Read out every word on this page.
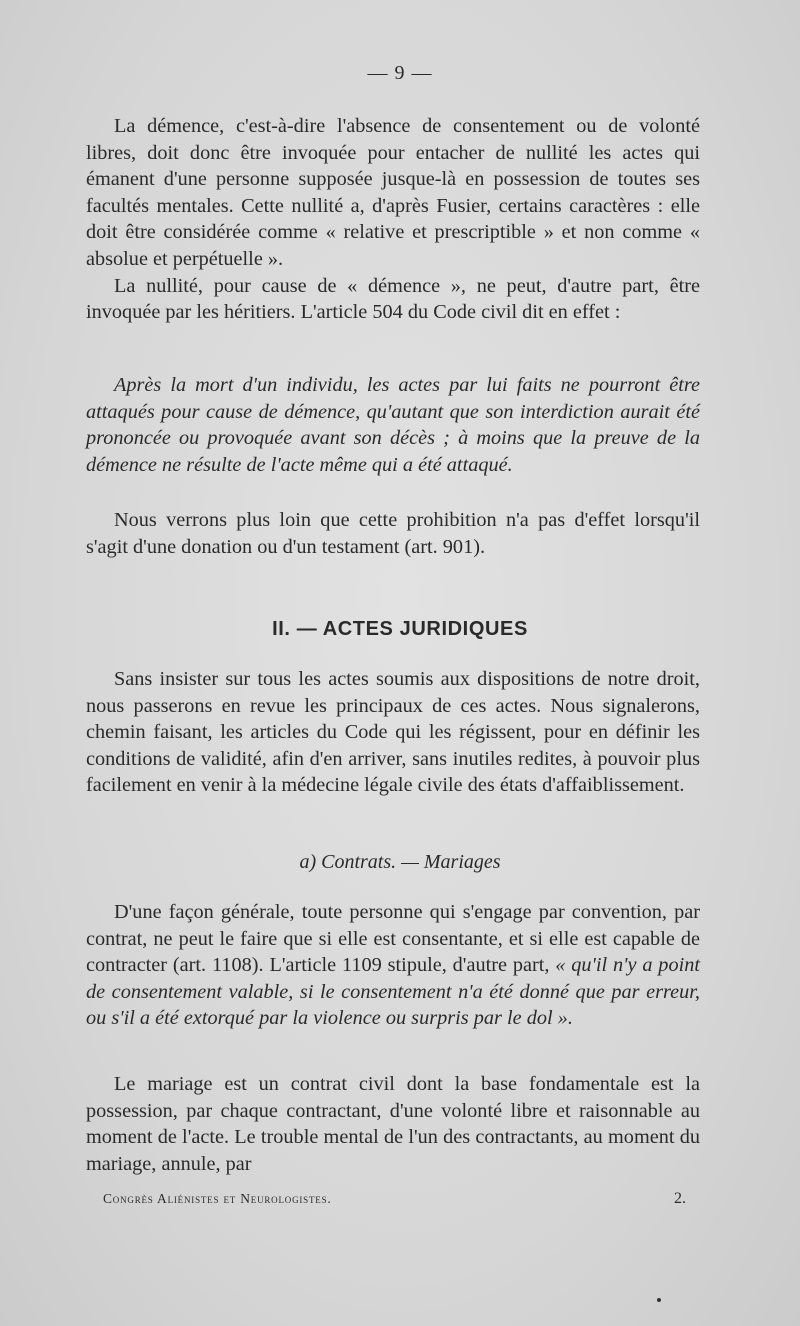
— 9 —

La démence, c'est-à-dire l'absence de consentement ou de volonté libres, doit donc être invoquée pour entacher de nullité les actes qui émanent d'une personne supposée jusque-là en possession de toutes ses facultés mentales. Cette nullité a, d'après Fusier, certains caractères : elle doit être considérée comme « relative et prescriptible » et non comme « absolue et perpétuelle ».

La nullité, pour cause de « démence », ne peut, d'autre part, être invoquée par les héritiers. L'article 504 du Code civil dit en effet :

Après la mort d'un individu, les actes par lui faits ne pourront être attaqués pour cause de démence, qu'autant que son interdiction aurait été prononcée ou provoquée avant son décès ; à moins que la preuve de la démence ne résulte de l'acte même qui a été attaqué.

Nous verrons plus loin que cette prohibition n'a pas d'effet lorsqu'il s'agit d'une donation ou d'un testament (art. 901).

II. — ACTES JURIDIQUES

Sans insister sur tous les actes soumis aux dispositions de notre droit, nous passerons en revue les principaux de ces actes. Nous signalerons, chemin faisant, les articles du Code qui les régissent, pour en définir les conditions de validité, afin d'en arriver, sans inutiles redites, à pouvoir plus facilement en venir à la médecine légale civile des états d'affaiblissement.

a) Contrats. — Mariages

D'une façon générale, toute personne qui s'engage par convention, par contrat, ne peut le faire que si elle est consentante, et si elle est capable de contracter (art. 1108). L'article 1109 stipule, d'autre part, « qu'il n'y a point de consentement valable, si le consentement n'a été donné que par erreur, ou s'il a été extorqué par la violence ou surpris par le dol ».

Le mariage est un contrat civil dont la base fondamentale est la possession, par chaque contractant, d'une volonté libre et raisonnable au moment de l'acte. Le trouble mental de l'un des contractants, au moment du mariage, annule, par

Congrès Aliénistes et Neurologistes.	2.
